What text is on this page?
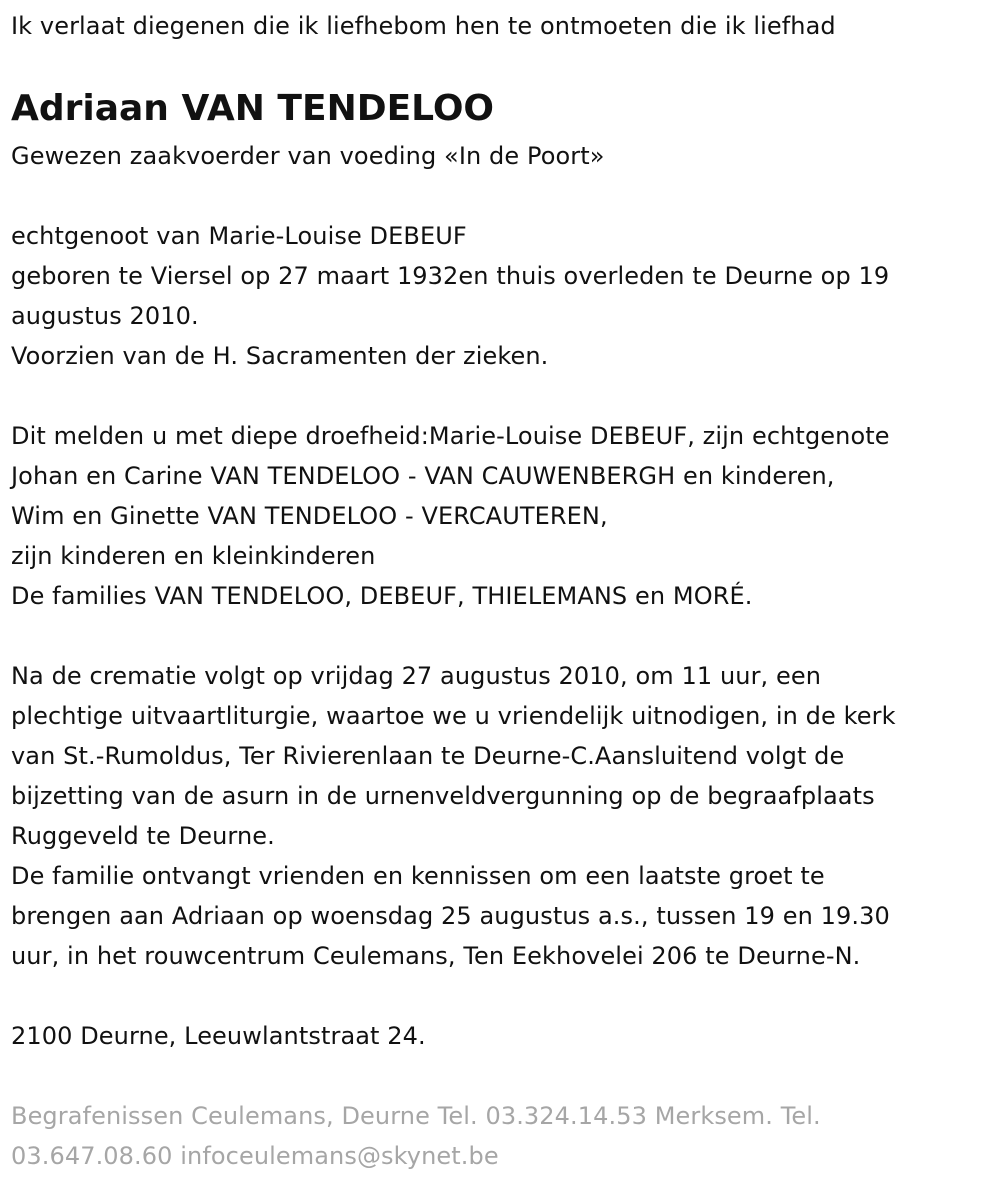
Ik verlaat diegenen die ik liefhebom hen te ontmoeten die ik liefhad
Adriaan VAN TENDELOO
Gewezen zaakvoerder van voeding «In de Poort»
echtgenoot van Marie-Louise DEBEUF
geboren te Viersel op 27 maart 1932en thuis overleden te Deurne op 19
augustus 2010.
Voorzien van de H. Sacramenten der zieken.
Dit melden u met diepe droefheid:Marie-Louise DEBEUF, zijn echtgenote
Johan en Carine VAN TENDELOO - VAN CAUWENBERGH en kinderen,
Wim en Ginette VAN TENDELOO - VERCAUTEREN,
zijn kinderen en kleinkinderen
De families VAN TENDELOO, DEBEUF, THIELEMANS en MORÉ.
Na de crematie volgt op vrijdag 27 augustus 2010, om 11 uur, een
plechtige uitvaartliturgie, waartoe we u vriendelijk uitnodigen, in de kerk
van St.-Rumoldus, Ter Rivierenlaan te Deurne-C.Aansluitend volgt de
bijzetting van de asurn in de urnenveldvergunning op de begraafplaats
Ruggeveld te Deurne.
De familie ontvangt vrienden en kennissen om een laatste groet te
brengen aan Adriaan op woensdag 25 augustus a.s., tussen 19 en 19.30
uur, in het rouwcentrum Ceulemans, Ten Eekhovelei 206 te Deurne-N.
2100 Deurne, Leeuwlantstraat 24.
Begrafenissen Ceulemans, Deurne Tel. 03.324.14.53 Merksem. Tel.
03.647.08.60 infoceulemans@skynet.be
